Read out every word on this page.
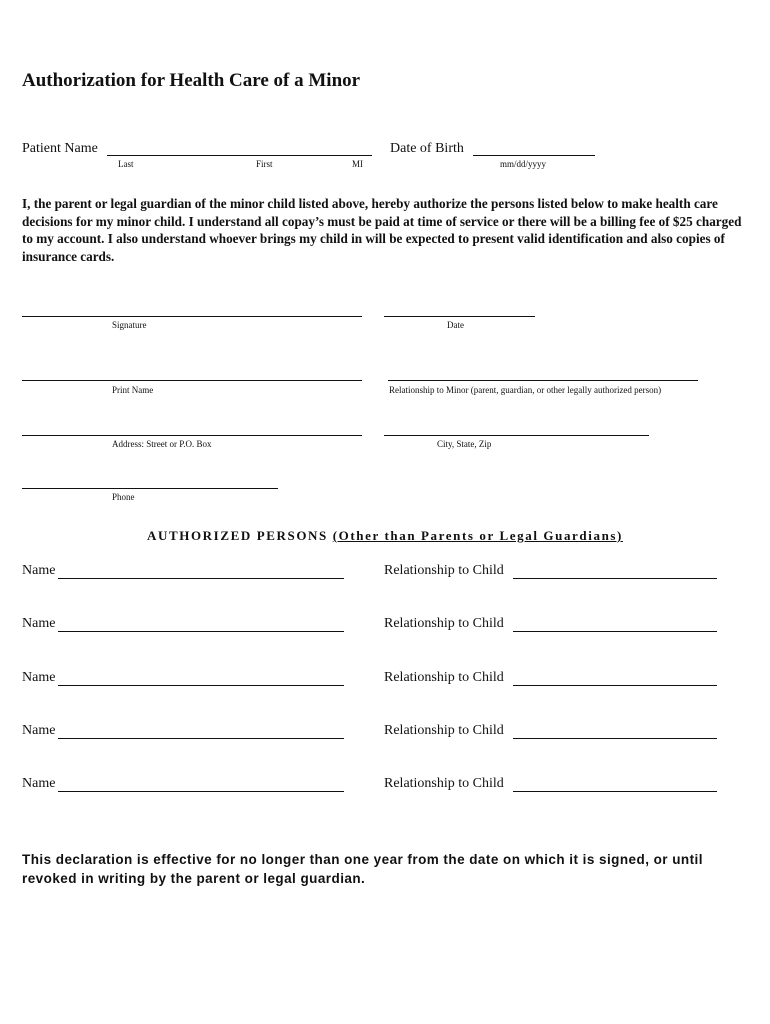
Authorization for Health Care of a Minor
Patient Name
Last	First	MI
Date of Birth
mm/dd/yyyy
I, the parent or legal guardian of the minor child listed above, hereby authorize the persons listed below to make health care decisions for my minor child. I understand all copay’s must be paid at time of service or there will be a billing fee of $25 charged to my account. I also understand whoever brings my child in will be expected to present valid identification and also copies of insurance cards.
Signature	Date
Print Name	Relationship to Minor (parent, guardian, or other legally authorized person)
Address: Street or P.O. Box	City, State, Zip
Phone
AUTHORIZED PERSONS (Other than Parents or Legal Guardians)
Name	Relationship to Child
Name	Relationship to Child
Name	Relationship to Child
Name	Relationship to Child
Name	Relationship to Child
This declaration is effective for no longer than one year from the date on which it is signed, or until revoked in writing by the parent or legal guardian.
